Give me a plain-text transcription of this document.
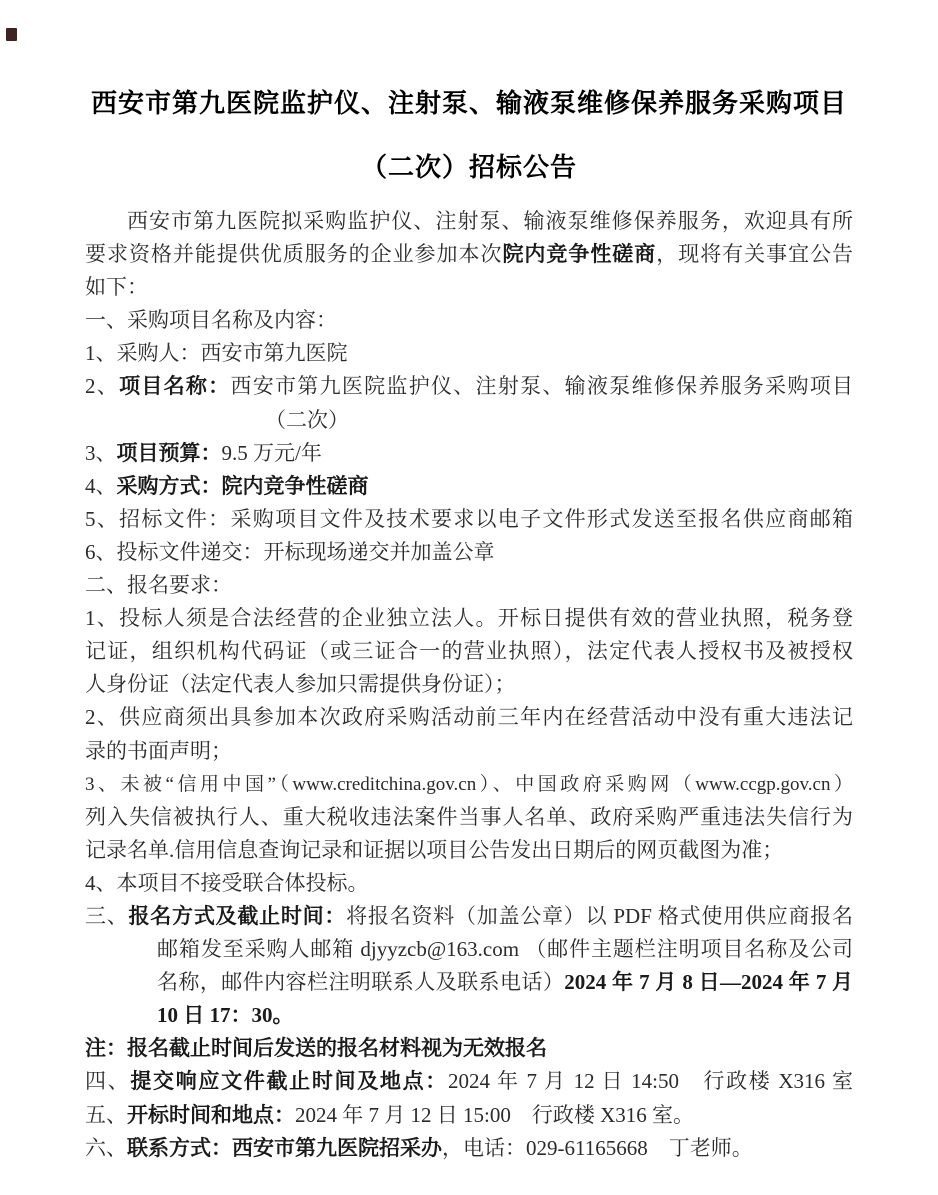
西安市第九医院监护仪、注射泵、输液泵维修保养服务采购项目
（二次）招标公告
西安市第九医院拟采购监护仪、注射泵、输液泵维修保养服务，欢迎具有所
要求资格并能提供优质服务的企业参加本次院内竞争性磋商，现将有关事宜公告
如下：
一、采购项目名称及内容：
1、采购人：西安市第九医院
2、项目名称：西安市第九医院监护仪、注射泵、输液泵维修保养服务采购项目
（二次）
3、项目预算：9.5 万元/年
4、采购方式：院内竞争性磋商
5、招标文件：采购项目文件及技术要求以电子文件形式发送至报名供应商邮箱
6、投标文件递交：开标现场递交并加盖公章
二、报名要求：
1、投标人须是合法经营的企业独立法人。开标日提供有效的营业执照，税务登
记证，组织机构代码证（或三证合一的营业执照），法定代表人授权书及被授权
人身份证（法定代表人参加只需提供身份证）；
2、供应商须出具参加本次政府采购活动前三年内在经营活动中没有重大违法记
录的书面声明；
3、未被“信用中国”（www.creditchina.gov.cn）、中国政府采购网（www.ccgp.gov.cn）
列入失信被执行人、重大税收违法案件当事人名单、政府采购严重违法失信行为
记录名单.信用信息查询记录和证据以项目公告发出日期后的网页截图为准；
4、本项目不接受联合体投标。
三、报名方式及截止时间：将报名资料（加盖公章）以 PDF 格式使用供应商报名
邮箱发至采购人邮箱 djyyzcb@163.com （邮件主题栏注明项目名称及公司
名称，邮件内容栏注明联系人及联系电话）2024 年 7 月 8 日—2024 年 7 月
10 日 17：30。
注：报名截止时间后发送的报名材料视为无效报名
四、提交响应文件截止时间及地点：2024 年 7 月 12 日 14:50　行政楼 X316 室
五、开标时间和地点：2024 年 7 月 12 日 15:00　行政楼 X316 室。
六、联系方式：西安市第九医院招采办，电话：029-61165668　丁老师。
